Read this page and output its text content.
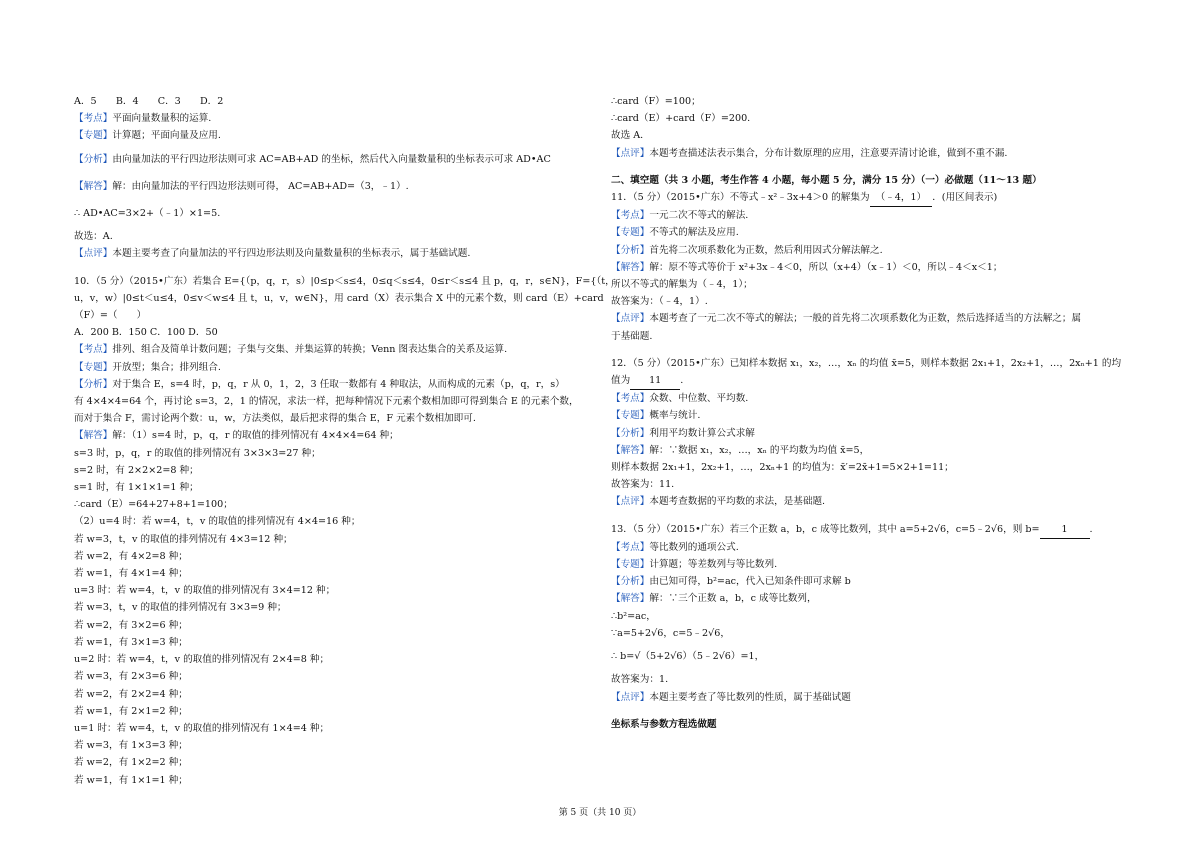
A．5　　B．4　　C．3　　D．2
【考点】平面向量数量积的运算.
【专题】计算题；平面向量及应用.
【分析】由向量加法的平行四边形法则可求 AC=AB+AD 的坐标，然后代入向量数量积的坐标表示可求 AD•AC
【解答】解：由向量加法的平行四边形法则可得， AC=AB+AD=（3，﹣1）.
∴ AD•AC=3×2+（﹣1）×1=5.
故选：A.
【点评】本题主要考查了向量加法的平行四边形法则及向量数量积的坐标表示，属于基础试题.
10．（5 分）（2015•广东）若集合 E={（p，q，r，s）|0≤p＜s≤4，0≤q＜s≤4，0≤r＜s≤4 且 p，q，r，s∈N}，F={（t，
u，v，w）|0≤t＜u≤4，0≤v＜w≤4 且 t，u，v，w∈N}，用 card（X）表示集合 X 中的元素个数，则 card（E）+card
（F）=（　　）
A．200 B．150 C．100 D．50
【考点】排列、组合及简单计数问题；子集与交集、并集运算的转换；Venn 图表达集合的关系及运算.
【专题】开放型；集合；排列组合.
【分析】对于集合 E，s=4 时，p，q，r 从 0，1，2，3 任取一数都有 4 种取法，从而构成的元素（p，q，r，s）
有 4×4×4=64 个，再讨论 s=3，2，1 的情况，求法一样，把每种情况下元素个数相加即可得到集合 E 的元素个数，
而对于集合 F，需讨论两个数：u，w，方法类似，最后把求得的集合 E，F 元素个数相加即可.
【解答】解：（1）s=4 时，p，q，r 的取值的排列情况有 4×4×4=64 种；
s=3 时，p，q，r 的取值的排列情况有 3×3×3=27 种；
s=2 时，有 2×2×2=8 种；
s=1 时，有 1×1×1=1 种；
∴card（E）=64+27+8+1=100；
（2）u=4 时：若 w=4，t，v 的取值的排列情况有 4×4=16 种；
若 w=3，t，v 的取值的排列情况有 4×3=12 种；
若 w=2，有 4×2=8 种；
若 w=1，有 4×1=4 种；
u=3 时：若 w=4，t，v 的取值的排列情况有 3×4=12 种；
若 w=3，t，v 的取值的排列情况有 3×3=9 种；
若 w=2，有 3×2=6 种；
若 w=1，有 3×1=3 种；
u=2 时：若 w=4，t，v 的取值的排列情况有 2×4=8 种；
若 w=3，有 2×3=6 种；
若 w=2，有 2×2=4 种；
若 w=1，有 2×1=2 种；
u=1 时：若 w=4，t，v 的取值的排列情况有 1×4=4 种；
若 w=3，有 1×3=3 种；
若 w=2，有 1×2=2 种；
若 w=1，有 1×1=1 种；
∴card（F）=100；
∴card（E）+card（F）=200.
故选 A.
【点评】本题考查描述法表示集合，分布计数原理的应用，注意要弄清讨论谁，做到不重不漏.
二、填空题（共 3 小题，考生作答 4 小题，每小题 5 分，满分 15 分）（一）必做题（11～13 题）
11．（5 分）（2015•广东）不等式﹣x²﹣3x+4＞0 的解集为 （﹣4，1） ．(用区间表示)
【考点】一元二次不等式的解法.
【专题】不等式的解法及应用.
【分析】首先将二次项系数化为正数，然后利用因式分解法解之.
【解答】解：原不等式等价于 x²+3x﹣4＜0，所以（x+4）（x﹣1）＜0，所以﹣4＜x＜1；
所以不等式的解集为（﹣4，1）；
故答案为：（﹣4，1）.
【点评】本题考查了一元二次不等式的解法；一般的首先将二次项系数化为正数，然后选择适当的方法解之；属
于基础题.
12．（5 分）（2015•广东）已知样本数据 x₁，x₂，…，xₙ 的均值 x̄=5，则样本数据 2x₁+1，2x₂+1，…，2xₙ+1 的均
值为 11 .
【考点】众数、中位数、平均数.
【专题】概率与统计.
【分析】利用平均数计算公式求解
【解答】解：∵数据 x₁，x₂，…，xₙ 的平均数为均值 x̄=5，
则样本数据 2x₁+1，2x₂+1，…，2xₙ+1 的均值为：x̄′=2x̄+1=5×2+1=11；
故答案为：11.
【点评】本题考查数据的平均数的求法，是基础题.
13．（5 分）（2015•广东）若三个正数 a，b，c 成等比数列，其中 a=5+2√6，c=5﹣2√6，则 b= 1 .
【考点】等比数列的通项公式.
【专题】计算题；等差数列与等比数列.
【分析】由已知可得，b²=ac，代入已知条件即可求解 b
【解答】解：∵三个正数 a，b，c 成等比数列，
∴b²=ac，
∵a=5+2√6，c=5﹣2√6，
∴ b=√（5+2√6）（5﹣2√6）=1，
故答案为：1.
【点评】本题主要考查了等比数列的性质，属于基础试题
坐标系与参数方程选做题
第 5 页（共 10 页）
